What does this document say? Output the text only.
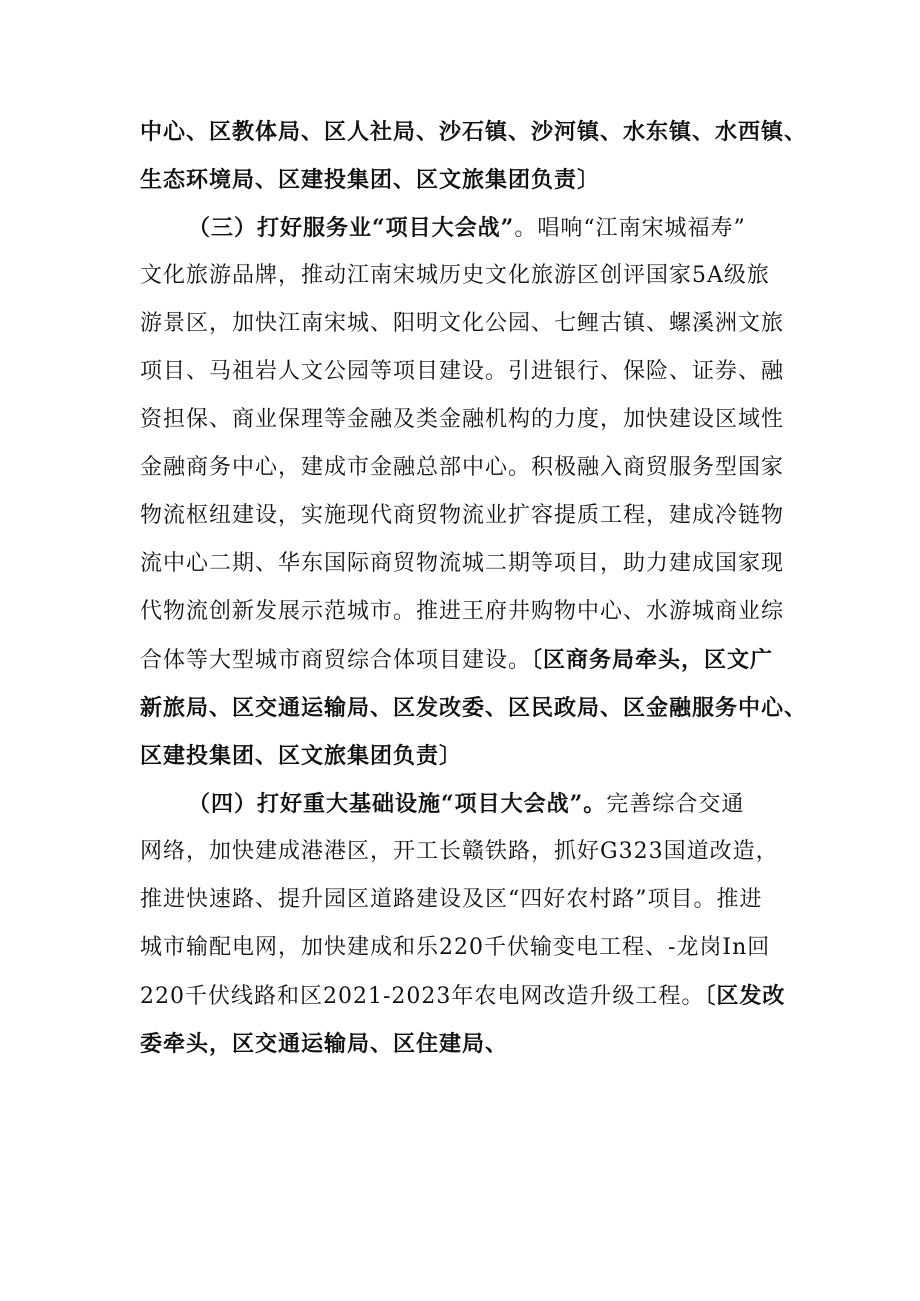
中心、区教体局、区人社局、沙石镇、沙河镇、水东镇、水西镇、
生态环境局、区建投集团、区文旅集团负责〕
（三）打好服务业“项目大会战”。唱响“江南宋城福寿”
文化旅游品牌，推动江南宋城历史文化旅游区创评国家5A级旅
游景区，加快江南宋城、阳明文化公园、七鲤古镇、螺溪洲文旅
项目、马祖岩人文公园等项目建设。引进银行、保险、证券、融
资担保、商业保理等金融及类金融机构的力度，加快建设区域性
金融商务中心，建成市金融总部中心。积极融入商贸服务型国家
物流枢纽建设，实施现代商贸物流业扩容提质工程，建成冷链物
流中心二期、华东国际商贸物流城二期等项目，助力建成国家现
代物流创新发展示范城市。推进王府井购物中心、水游城商业综
合体等大型城市商贸综合体项目建设。〔区商务局牵头，区文广
新旅局、区交通运输局、区发改委、区民政局、区金融服务中心、
区建投集团、区文旅集团负责〕
（四）打好重大基础设施“项目大会战”。完善综合交通
网络，加快建成港港区，开工长赣铁路，抓好G323国道改造，
推进快速路、提升园区道路建设及区“四好农村路”项目。推进
城市输配电网，加快建成和乐220千伏输变电工程、-龙岗In回
220千伏线路和区2021-2023年农电网改造升级工程。〔区发改
委牵头，区交通运输局、区住建局、
